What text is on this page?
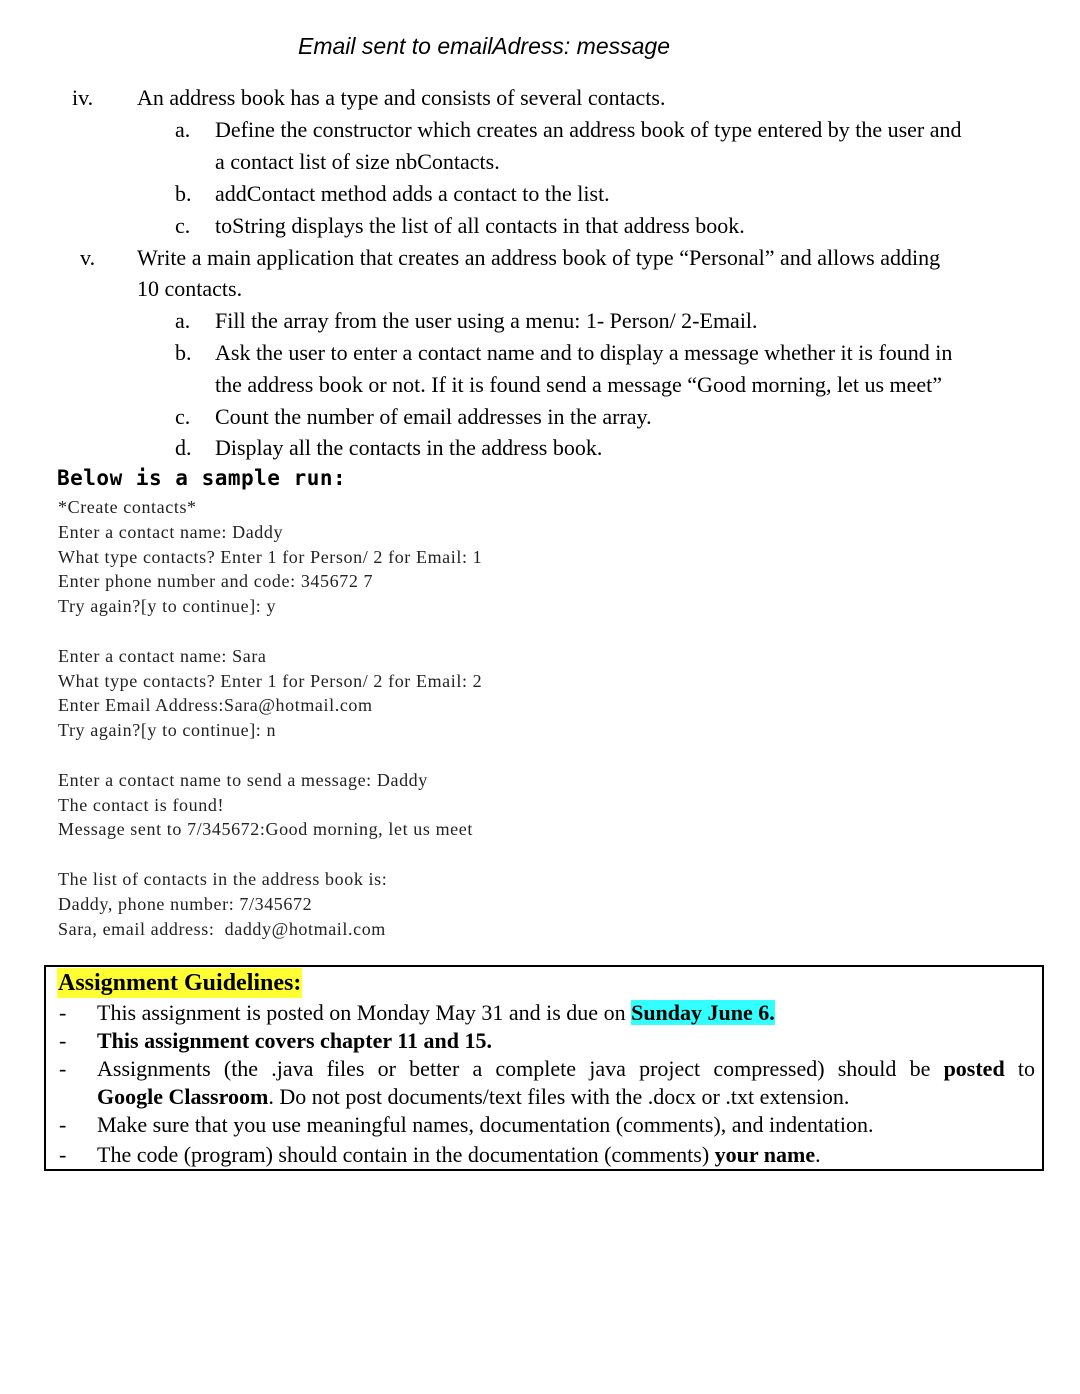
Email sent to emailAdress: message
iv. An address book has a type and consists of several contacts.
a. Define the constructor which creates an address book of type entered by the user and
a contact list of size nbContacts.
b. addContact method adds a contact to the list.
c. toString displays the list of all contacts in that address book.
v. Write a main application that creates an address book of type “Personal” and allows adding
10 contacts.
a. Fill the array from the user using a menu: 1- Person/ 2-Email.
b. Ask the user to enter a contact name and to display a message whether it is found in
the address book or not. If it is found send a message “Good morning, let us meet”
c. Count the number of email addresses in the array.
d. Display all the contacts in the address book.
Below is a sample run:
*Create contacts*
Enter a contact name: Daddy
What type contacts? Enter 1 for Person/ 2 for Email: 1
Enter phone number and code: 345672 7
Try again?[y to continue]: y
Enter a contact name: Sara
What type contacts? Enter 1 for Person/ 2 for Email: 2
Enter Email Address:Sara@hotmail.com
Try again?[y to continue]: n
Enter a contact name to send a message: Daddy
The contact is found!
Message sent to 7/345672:Good morning, let us meet
The list of contacts in the address book is:
Daddy, phone number: 7/345672
Sara, email address:  daddy@hotmail.com
Assignment Guidelines:
- This assignment is posted on Monday May 31 and is due on Sunday June 6.
- This assignment covers chapter 11 and 15.
- Assignments (the .java files or better a complete java project compressed) should be posted to
Google Classroom. Do not post documents/text files with the .docx or .txt extension.
- Make sure that you use meaningful names, documentation (comments), and indentation.
- The code (program) should contain in the documentation (comments) your name.
